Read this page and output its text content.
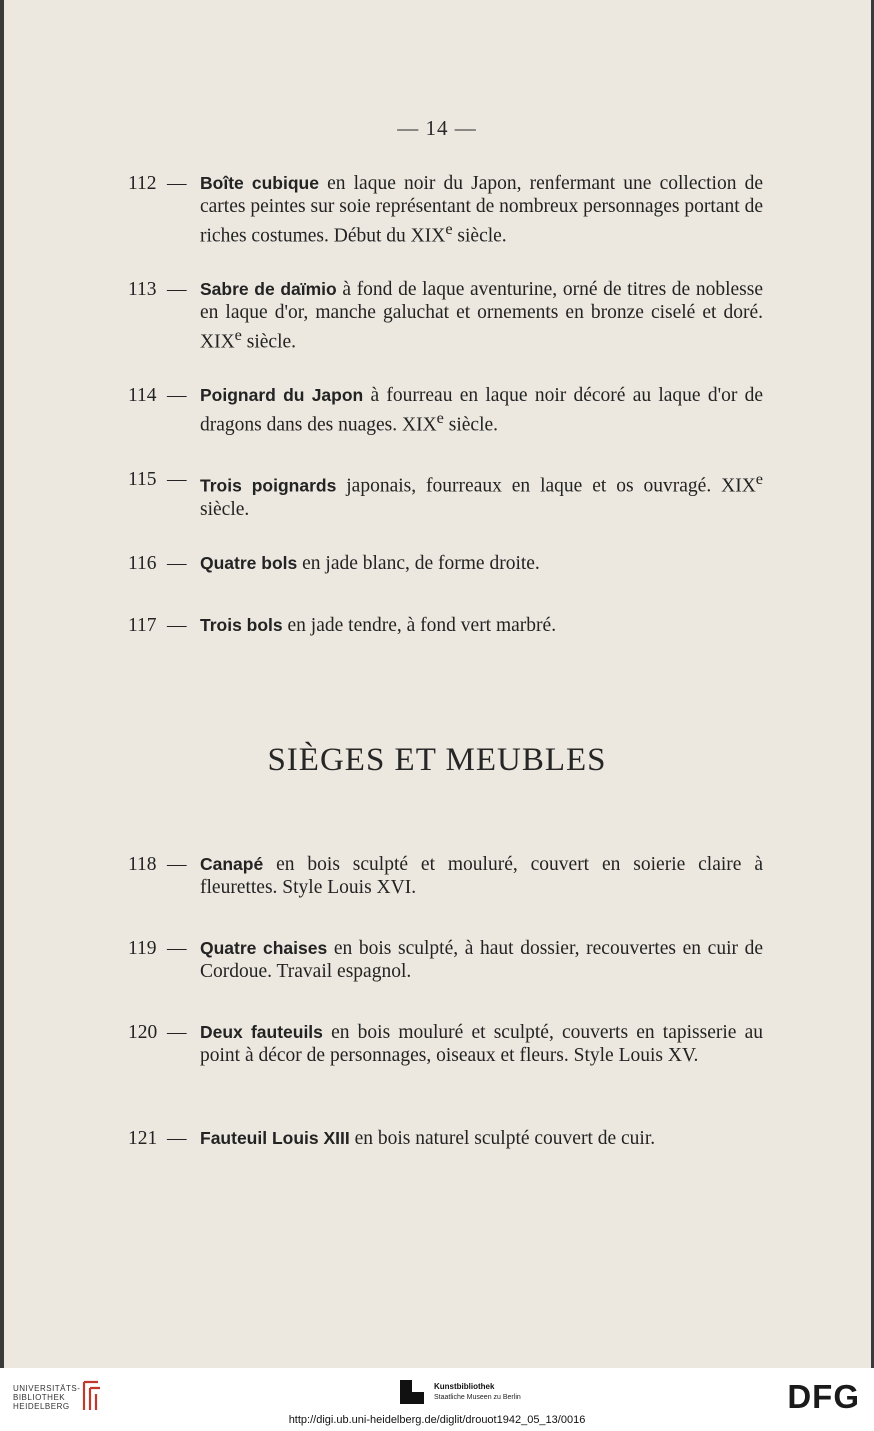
— 14 —
112 — Boîte cubique en laque noir du Japon, renfermant une collection de cartes peintes sur soie représentant de nombreux personnages portant de riches costumes. Début du XIXe siècle.
113 — Sabre de daïmio à fond de laque aventurine, orné de titres de noblesse en laque d'or, manche galuchat et ornements en bronze ciselé et doré. XIXe siècle.
114 — Poignard du Japon à fourreau en laque noir décoré au laque d'or de dragons dans des nuages. XIXe siècle.
115 — Trois poignards japonais, fourreaux en laque et os ouvragé. XIXe siècle.
116 — Quatre bols en jade blanc, de forme droite.
117 — Trois bols en jade tendre, à fond vert marbré.
SIÈGES ET MEUBLES
118 — Canapé en bois sculpté et mouluré, couvert en soierie claire à fleurettes. Style Louis XVI.
119 — Quatre chaises en bois sculpté, à haut dossier, recouvertes en cuir de Cordoue. Travail espagnol.
120 — Deux fauteuils en bois mouluré et sculpté, couverts en tapisserie au point à décor de personnages, oiseaux et fleurs. Style Louis XV.
121 — Fauteuil Louis XIII en bois naturel sculpté couvert de cuir.
UNIVERSITÄTS-
BIBLIOTHEK
HEIDELBERG
Kunstbibliothek
Staatliche Museen zu Berlin	DFG
http://digi.ub.uni-heidelberg.de/diglit/drouot1942_05_13/0016
